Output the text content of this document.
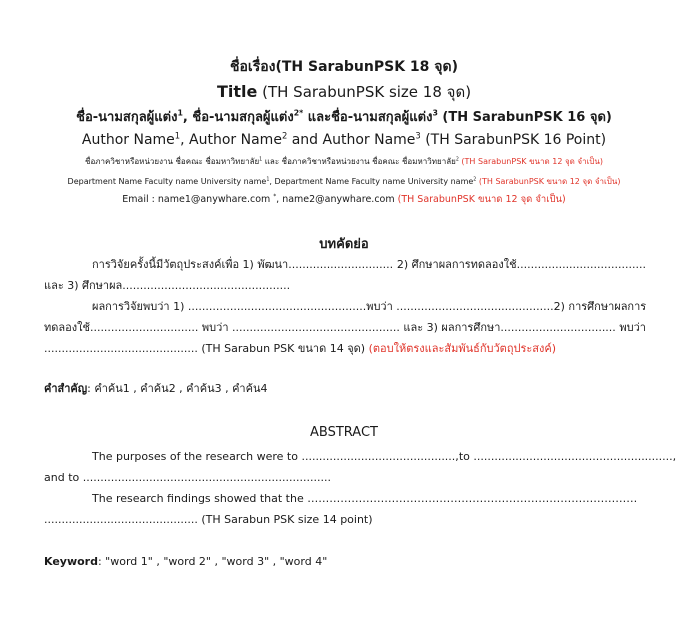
ชื่อเรื่อง(TH SarabunPSK 18 จุด)
Title (TH SarabunPSK size 18 จุด)
ชื่อ-นามสกุลผู้แต่ง$^1$, ชื่อ-นามสกุลผู้แต่ง$^{2*}$ และชื่อ-นามสกุลผู้แต่ง$^3$ (TH SarabunPSK 16 จุด)
Author Name$^1$, Author Name$^2$ and Author Name$^3$ (TH SarabunPSK 16 Point)
ชื่อภาควิชาหรือหน่วยงาน ชื่อคณะ ชื่อมหาวิทยาลัย$^1$ และ ชื่อภาควิชาหรือหน่วยงาน ชื่อคณะ ชื่อมหาวิทยาลัย$^2$ (TH SarabunPSK ขนาด 12 จุด จำเป็น)
Department Name Faculty name University name$^1$, Department Name Faculty name University name$^2$ (TH SarabunPSK ขนาด 12 จุด จำเป็น)
Email : name1@anywhare.com *, name2@anywhare.com (TH SarabunPSK ขนาด 12 จุด จำเป็น)
บทคัดย่อ
การวิจัยครั้งนี้มีวัตถุประสงค์เพื่อ 1) พัฒนา.............................. 2) ศึกษาผลการทดลองใช้.....................................
และ 3) ศึกษาผล................................................
ผลการวิจัยพบว่า 1) ................................................... พบว่า ............................................. 2) การศึกษาผลการ
ทดลองใช้............................... พบว่า ................................................ และ 3) ผลการศึกษา................................. พบว่า
............................................ (TH Sarabun PSK ขนาด 14 จุด) (ตอบให้ตรงและสัมพันธ์กับวัตถุประสงค์)
คำสำคัญ: คำค้น1 , คำค้น2 , คำค้น3 , คำค้น4
ABSTRACT
The purposes of the research were to ............................................, to .........................................................,
and to .......................................................................
The research findings showed that the ………………………………………………………………………………
............................................ (TH Sarabun PSK size 14 point)
Keyword: "word 1" , "word 2" , "word 3" , "word 4"
